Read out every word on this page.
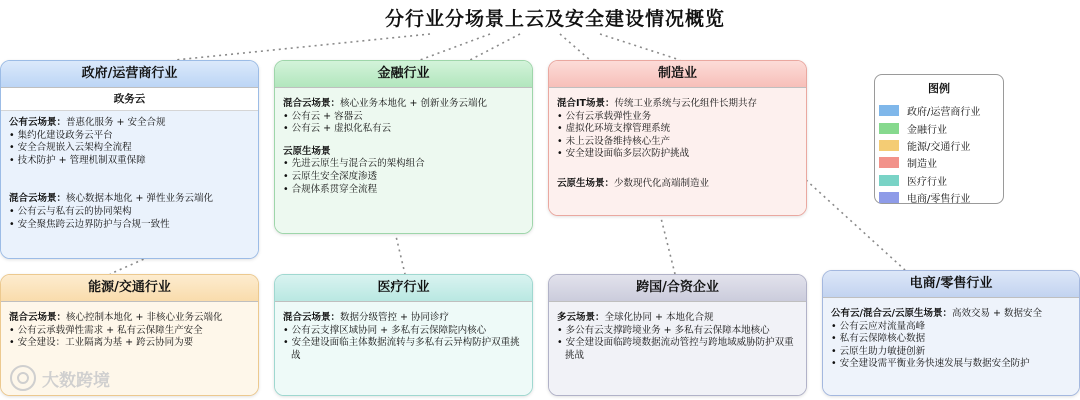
分行业分场景上云及安全建设情况概览
政府/运营商行业
政务云
公有云场景：普惠化服务 + 安全合规
• 集约化建设政务云平台
• 安全合规嵌入云架构全流程
• 技术防护 + 管理机制双重保障
混合云场景：核心数据本地化 + 弹性业务云端化
• 公有云与私有云的协同架构
• 安全聚焦跨云边界防护与合规一致性
金融行业
混合云场景：核心业务本地化 + 创新业务云端化
• 公有云 + 容器云
• 公有云 + 虚拟化私有云
云原生场景
• 先进云原生与混合云的架构组合
• 云原生安全深度渗透
• 合规体系贯穿全流程
制造业
混合IT场景：传统工业系统与云化组件长期共存
• 公有云承载弹性业务
• 虚拟化环境支撑管理系统
• 未上云设备维持核心生产
• 安全建设面临多层次防护挑战
云原生场景：少数现代化高端制造业
图例
政府/运营商行业
金融行业
能源/交通行业
制造业
医疗行业
电商/零售行业
能源/交通行业
混合云场景：核心控制本地化 + 非核心业务云端化
• 公有云承载弹性需求 + 私有云保障生产安全
• 安全建设：工业隔离为基 + 跨云协同为要
医疗行业
混合云场景：数据分级管控 + 协同诊疗
• 公有云支撑区域协同 + 多私有云保障院内核心
• 安全建设面临主体数据流转与多私有云异构防护双重挑战
跨国/合资企业
多云场景：全球化协同 + 本地化合规
• 多公有云支撑跨境业务 + 多私有云保障本地核心
• 安全建设面临跨境数据流动管控与跨地域威胁防护双重挑战
电商/零售行业
公有云/混合云/云原生场景：高效交易 + 数据安全
• 公有云应对流量高峰
• 私有云保障核心数据
• 云原生助力敏捷创新
• 安全建设需平衡业务快速发展与数据安全防护
大数跨境
